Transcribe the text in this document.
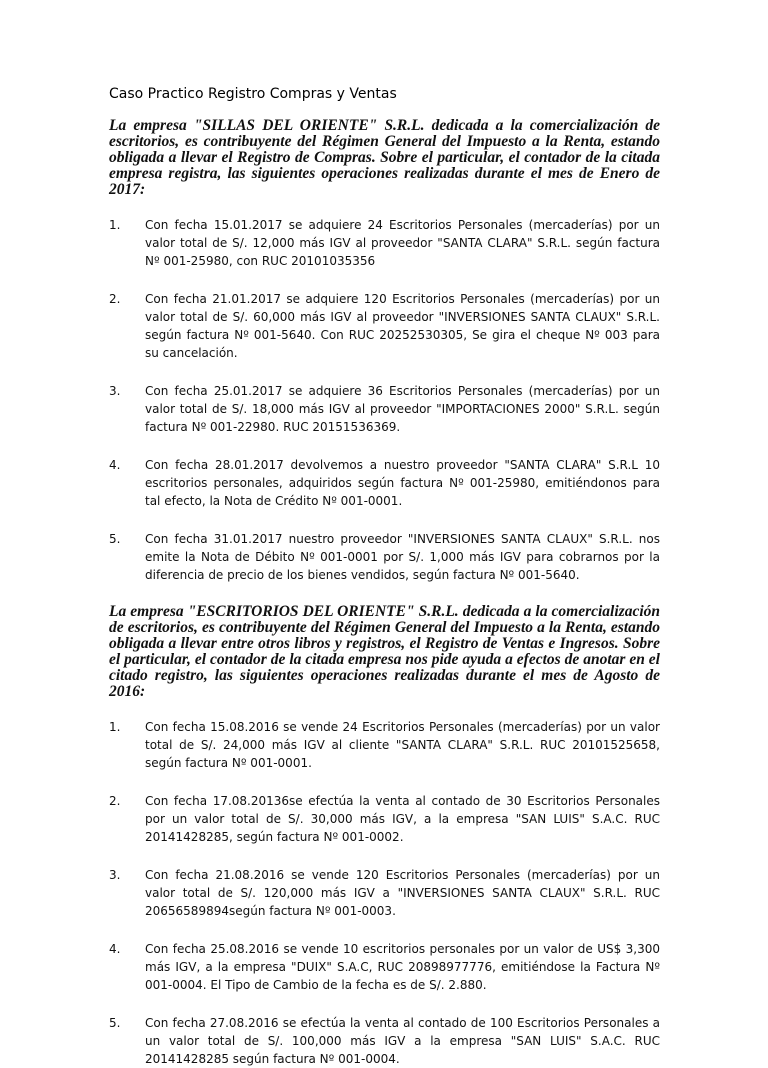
Caso Practico Registro Compras y Ventas

La empresa "SILLAS DEL ORIENTE" S.R.L. dedicada a la comercialización de escritorios, es contribuyente del Régimen General del Impuesto a la Renta, estando obligada a llevar el Registro de Compras. Sobre el particular, el contador de la citada empresa registra, las siguientes operaciones realizadas durante el mes de Enero de 2017:

1. Con fecha 15.01.2017 se adquiere 24 Escritorios Personales (mercaderías) por un valor total de S/. 12,000 más IGV al proveedor "SANTA CLARA" S.R.L. según factura Nº 001-25980, con RUC 20101035356
2. Con fecha 21.01.2017 se adquiere 120 Escritorios Personales (mercaderías) por un valor total de S/. 60,000 más IGV al proveedor "INVERSIONES SANTA CLAUX" S.R.L. según factura Nº 001-5640. Con RUC 20252530305, Se gira el cheque Nº 003 para su cancelación.
3. Con fecha 25.01.2017 se adquiere 36 Escritorios Personales (mercaderías) por un valor total de S/. 18,000 más IGV al proveedor "IMPORTACIONES 2000" S.R.L. según factura Nº 001-22980. RUC 20151536369.
4. Con fecha 28.01.2017 devolvemos a nuestro proveedor "SANTA CLARA" S.R.L 10 escritorios personales, adquiridos según factura Nº 001-25980, emitiéndonos para tal efecto, la Nota de Crédito Nº 001-0001.
5. Con fecha 31.01.2017 nuestro proveedor "INVERSIONES SANTA CLAUX" S.R.L. nos emite la Nota de Débito Nº 001-0001 por S/. 1,000 más IGV para cobrarnos por la diferencia de precio de los bienes vendidos, según factura Nº 001-5640.

La empresa "ESCRITORIOS DEL ORIENTE" S.R.L. dedicada a la comercialización de escritorios, es contribuyente del Régimen General del Impuesto a la Renta, estando obligada a llevar entre otros libros y registros, el Registro de Ventas e Ingresos. Sobre el particular, el contador de la citada empresa nos pide ayuda a efectos de anotar en el citado registro, las siguientes operaciones realizadas durante el mes de Agosto de 2016:

1. Con fecha 15.08.2016 se vende 24 Escritorios Personales (mercaderías) por un valor total de S/. 24,000 más IGV al cliente "SANTA CLARA" S.R.L. RUC 20101525658, según factura Nº 001-0001.
2. Con fecha 17.08.20136se efectúa la venta al contado de 30 Escritorios Personales por un valor total de S/. 30,000 más IGV, a la empresa "SAN LUIS" S.A.C. RUC 20141428285, según factura Nº 001-0002.
3. Con fecha 21.08.2016 se vende 120 Escritorios Personales (mercaderías) por un valor total de S/. 120,000 más IGV a "INVERSIONES SANTA CLAUX" S.R.L. RUC 20656589894según factura Nº 001-0003.
4. Con fecha 25.08.2016 se vende 10 escritorios personales por un valor de US$ 3,300 más IGV, a la empresa "DUIX" S.A.C, RUC 20898977776, emitiéndose la Factura Nº 001-0004. El Tipo de Cambio de la fecha es de S/. 2.880.
5. Con fecha 27.08.2016 se efectúa la venta al contado de 100 Escritorios Personales a un valor total de S/. 100,000 más IGV a la empresa "SAN LUIS" S.A.C. RUC 20141428285 según factura Nº 001-0004.
